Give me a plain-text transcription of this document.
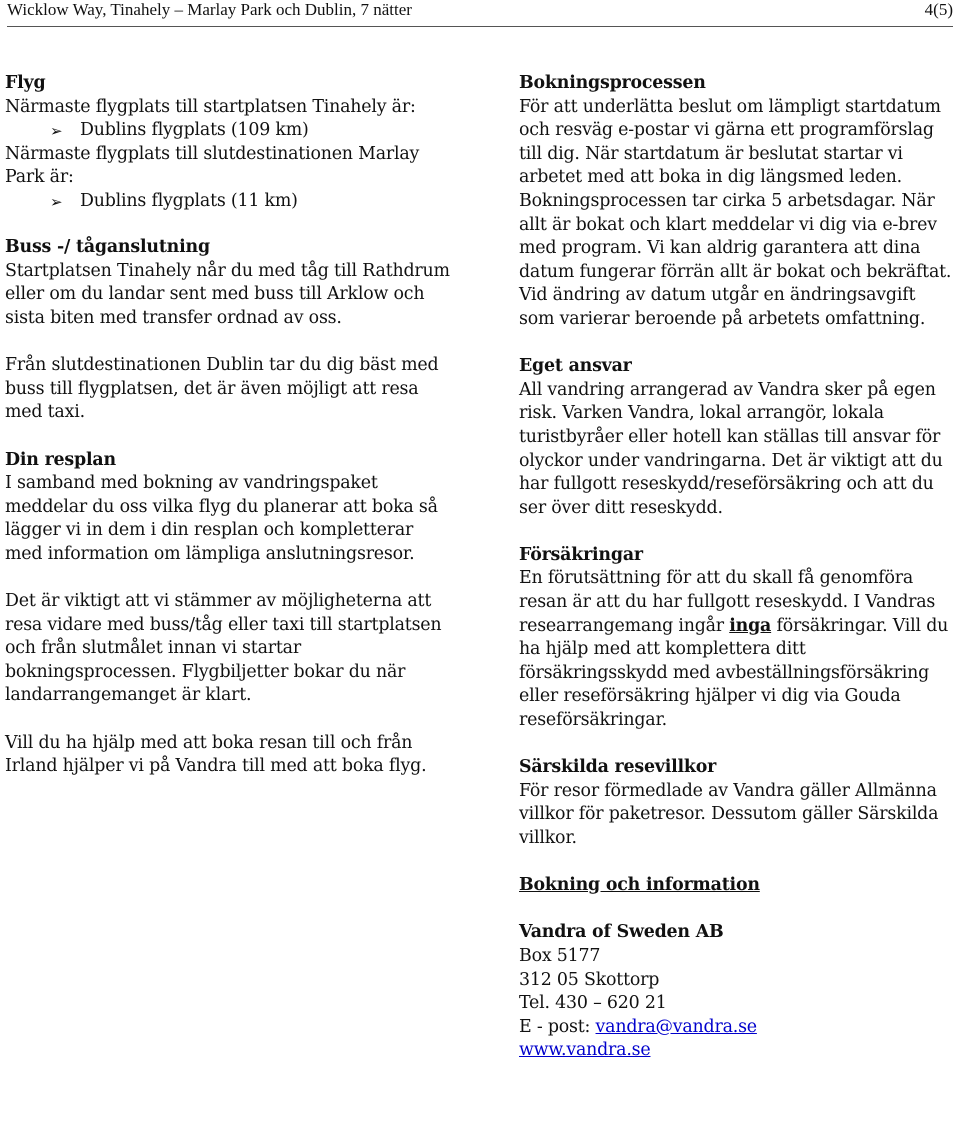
Wicklow Way, Tinahely – Marlay Park och Dublin, 7 nätter	4(5)
Flyg

Närmaste flygplats till startplatsen Tinahely är:

➢ Dublins flygplats (109 km)

Närmaste flygplats till slutdestinationen Marlay Park är:

➢ Dublins flygplats (11 km)
Buss -/ tåganslutning

Startplatsen Tinahely når du med tåg till Rathdrum eller om du landar sent med buss till Arklow och sista biten med transfer ordnad av oss.

Från slutdestinationen Dublin tar du dig bäst med buss till flygplatsen, det är även möjligt att resa med taxi.

Din resplan

I samband med bokning av vandringspaket meddelar du oss vilka flyg du planerar att boka så lägger vi in dem i din resplan och kompletterar med information om lämpliga anslutningsresor.

Det är viktigt att vi stämmer av möjligheterna att resa vidare med buss/tåg eller taxi till startplatsen och från slutmålet innan vi startar bokningsprocessen. Flygbiljetter bokar du när landarrangemanget är klart.

Vill du ha hjälp med att boka resan till och från Irland hjälper vi på Vandra till med att boka flyg.

Bokningsprocessen

För att underlätta beslut om lämpligt startdatum och resväg e-postar vi gärna ett programförslag till dig. När startdatum är beslutat startar vi arbetet med att boka in dig längsmed leden. Bokningsprocessen tar cirka 5 arbetsdagar. När allt är bokat och klart meddelar vi dig via e-brev med program. Vi kan aldrig garantera att dina datum fungerar förrän allt är bokat och bekräftat. Vid ändring av datum utgår en ändringsavgift som varierar beroende på arbetets omfattning.

Eget ansvar

All vandring arrangerad av Vandra sker på egen risk. Varken Vandra, lokal arrangör, lokala turistbyråer eller hotell kan ställas till ansvar för olyckor under vandringarna. Det är viktigt att du har fullgott reseskydd/reseförsäkring och att du ser över ditt reseskydd.

Försäkringar

En förutsättning för att du skall få genomföra resan är att du har fullgott reseskydd. I Vandras researrangemang ingår inga försäkringar. Vill du ha hjälp med att komplettera ditt försäkringsskydd med avbeställningsförsäkring eller reseförsäkring hjälper vi dig via Gouda reseförsäkringar.

Särskilda resevillkor

För resor förmedlade av Vandra gäller Allmänna villkor för paketresor. Dessutom gäller Särskilda villkor.

Bokning och information
Vandra of Sweden AB

Box 5177

312 05 Skottorp

Tel. 430 – 620 21

E - post: vandra@vandra.se

www.vandra.se
